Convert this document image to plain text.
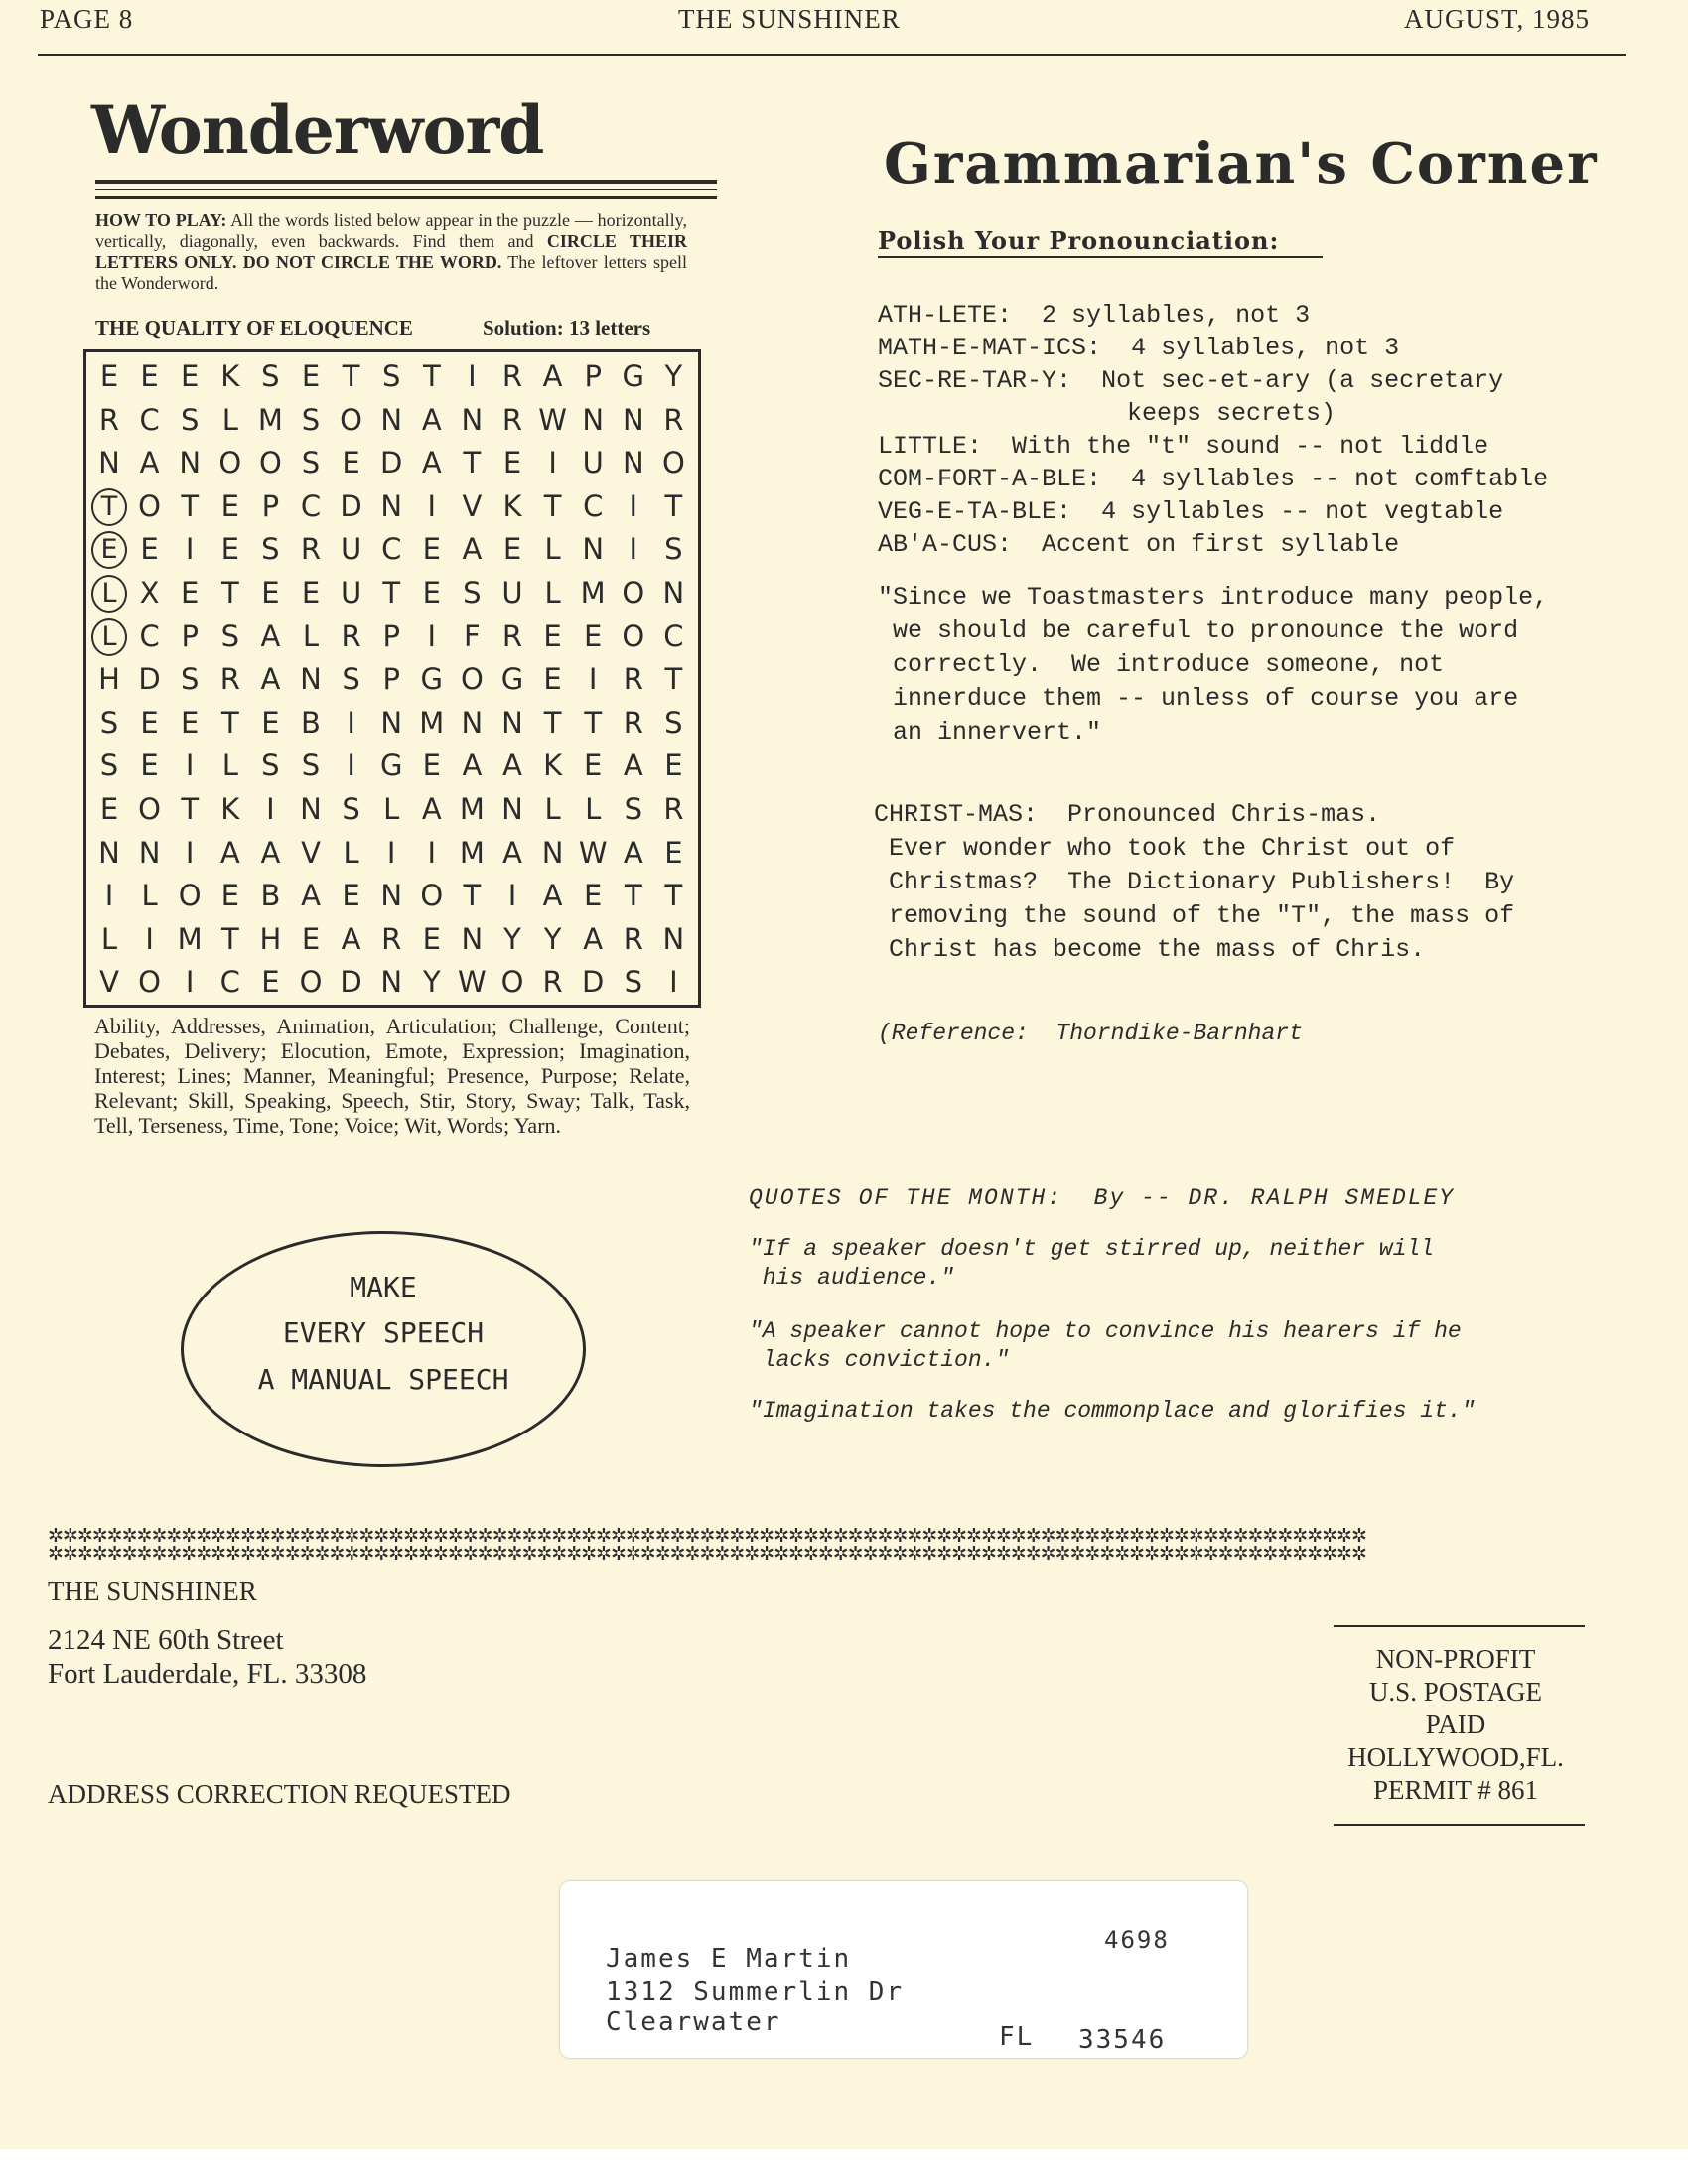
PAGE 8	THE SUNSHINER	AUGUST, 1985
Wonderword
HOW TO PLAY: All the words listed below appear in the puzzle — horizontally, vertically, diagonally, even backwards. Find them and CIRCLE THEIR LETTERS ONLY. DO NOT CIRCLE THE WORD. The leftover letters spell the Wonderword.
THE QUALITY OF ELOQUENCE	Solution: 13 letters
E E E K S E T S T I R A P G Y
R C S L M S O N A N R W N N R
N A N O O S E D A T E I U N O
T O T E P C D N I V K T C I T
E E I E S R U C E A E L N I S
L X E T E E U T E S U L M O N
L C P S A L R P I F R E E O C
H D S R A N S P G O G E I R T
S E E T E B I N M N N T T R S
S E I L S S I G E A A K E A E
E O T K I N S L A M N L L S R
N N I A A V L I	I M A N W A E
I L O E B A E N O T I A E T T
L I M T H E A R E N Y Y A R N
V O I C E O D N Y W O R D S I
Ability, Addresses, Animation, Articulation; Challenge, Content; Debates, Delivery; Elocution, Emote, Expression; Imagination, Interest; Lines; Manner, Meaningful; Presence, Purpose; Relate, Relevant; Skill, Speaking, Speech, Stir, Story, Sway; Talk, Task, Tell, Terseness, Time, Tone; Voice; Wit, Words; Yarn.
MAKE
EVERY SPEECH
A MANUAL SPEECH
Grammarian's Corner
Polish Your Pronounciation:
ATH-LETE: 2 syllables, not 3
MATH-E-MAT-ICS: 4 syllables, not 3
SEC-RE-TAR-Y: Not sec-et-ary (a secretary
keeps secrets)
LITTLE: With the "t" sound -- not liddle
COM-FORT-A-BLE: 4 syllables -- not comftable
VEG-E-TA-BLE: 4 syllables -- not vegtable
AB'A-CUS: Accent on first syllable
"Since we Toastmasters introduce many people,
we should be careful to pronounce the word
correctly.  We introduce someone, not
innerduce them -- unless of course you are
an innervert."
CHRIST-MAS:  Pronounced Chris-mas.
Ever wonder who took the Christ out of
Christmas?  The Dictionary Publishers!  By
removing the sound of the "T", the mass of
Christ has become the mass of Chris.
(Reference:  Thorndike-Barnhart
QUOTES OF THE MONTH:  By -- DR. RALPH SMEDLEY
"If a speaker doesn't get stirred up, neither will
his audience."
"A speaker cannot hope to convince his hearers if he
lacks conviction."
"Imagination takes the commonplace and glorifies it."
✲✲✲✲✲✲✲✲✲✲✲✲✲✲✲✲✲✲✲✲✲✲✲✲✲✲✲✲✲✲✲✲✲✲✲✲✲✲✲✲✲✲✲✲✲✲✲✲✲✲✲✲✲✲✲✲✲✲✲✲✲✲✲✲✲✲✲✲✲✲✲✲✲✲✲✲✲✲✲✲✲✲✲✲✲✲✲✲✲
✲✲✲✲✲✲✲✲✲✲✲✲✲✲✲✲✲✲✲✲✲✲✲✲✲✲✲✲✲✲✲✲✲✲✲✲✲✲✲✲✲✲✲✲✲✲✲✲✲✲✲✲✲✲✲✲✲✲✲✲✲✲✲✲✲✲✲✲✲✲✲✲✲✲✲✲✲✲✲✲✲✲✲✲✲✲✲✲✲
THE SUNSHINER
2124 NE 60th Street
Fort Lauderdale, FL. 33308
ADDRESS CORRECTION REQUESTED
NON-PROFIT
U.S. POSTAGE
PAID
HOLLYWOOD,FL.
PERMIT # 861
James E Martin
4698
1312 Summerlin Dr
Clearwater	FL 33546
